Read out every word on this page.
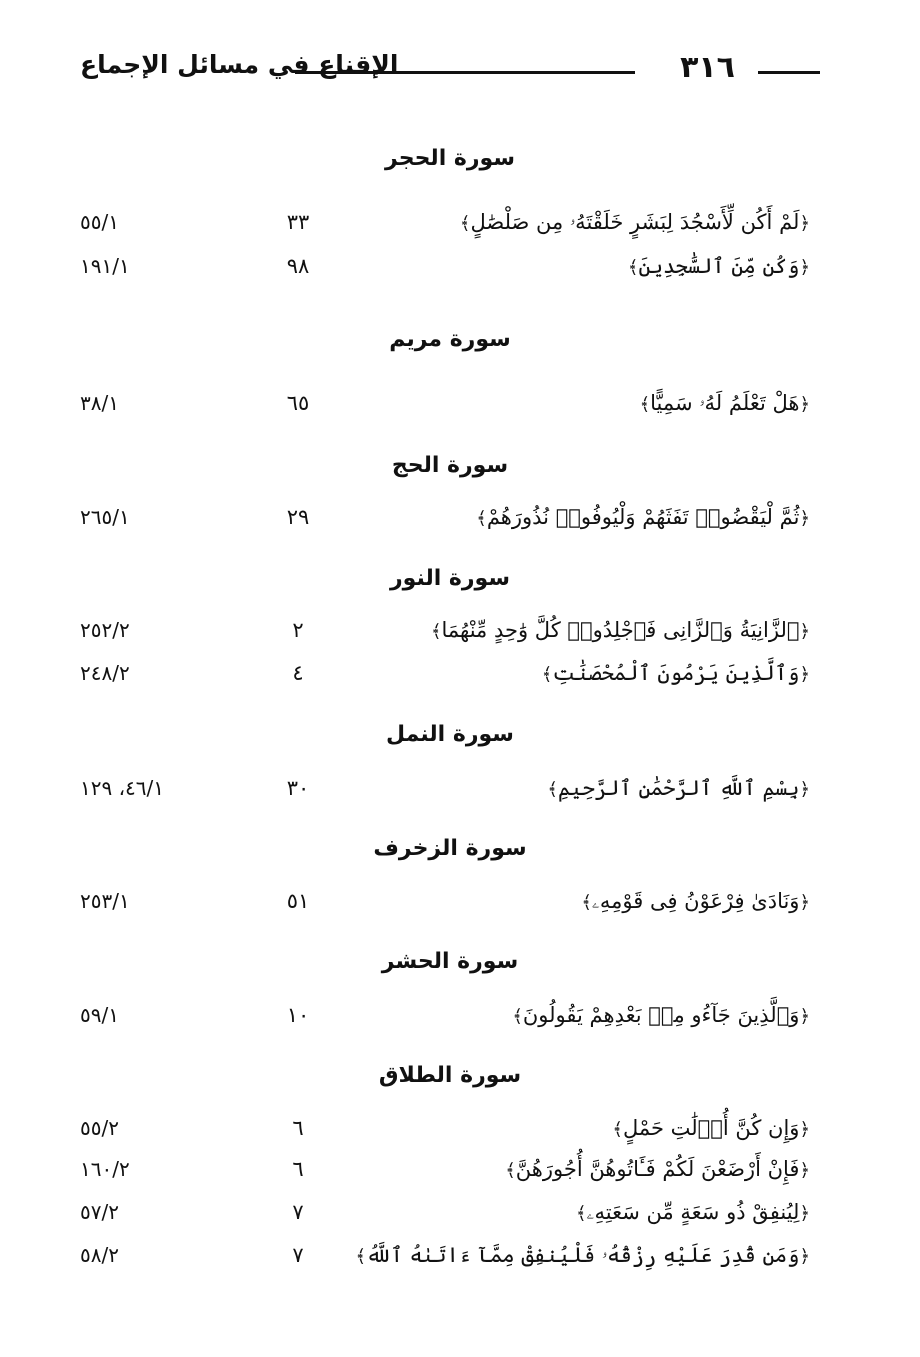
٣١٦
الإقناع في مسائل الإجماع
سورة الحجر
﴿لَمْ أَكُن لِّأَسْجُدَ لِبَشَرٍ خَلَقْتَهُۥ مِن صَلْصَٰلٍ﴾
٣٣
٥٥/١
﴿وَكُن مِّنَ ٱلسَّٰجِدِينَ﴾
٩٨
١٩١/١
سورة مريم
﴿هَلْ تَعْلَمُ لَهُۥ سَمِيًّا﴾
٦٥
٣٨/١
سورة الحج
﴿ثُمَّ لْيَقْضُوا۟ تَفَثَهُمْ وَلْيُوفُوا۟ نُذُورَهُمْ﴾
٢٩
٢٦٥/١
سورة النور
﴿ٱلزَّانِيَةُ وَٱلزَّانِى فَٱجْلِدُوا۟ كُلَّ وَٰحِدٍ مِّنْهُمَا﴾
٢
٢٥٢/٢
﴿وَٱلَّذِينَ يَرْمُونَ ٱلْمُحْصَنَٰتِ﴾
٤
٢٤٨/٢
سورة النمل
﴿بِسْمِ ٱللَّهِ ٱلرَّحْمَٰنِ ٱلرَّحِيمِ﴾
٣٠
٤٦/١، ١٢٩
سورة الزخرف
﴿وَنَادَىٰ فِرْعَوْنُ فِى قَوْمِهِۦ﴾
٥١
٢٥٣/١
سورة الحشر
﴿وَٱلَّذِينَ جَآءُو مِنۢ بَعْدِهِمْ يَقُولُونَ﴾
١٠
٥٩/١
سورة الطلاق
﴿وَإِن كُنَّ أُو۟لَٰتِ حَمْلٍ﴾
٦
٥٥/٢
﴿فَإِنْ أَرْضَعْنَ لَكُمْ فَـَٔاتُوهُنَّ أُجُورَهُنَّ﴾
٦
١٦٠/٢
﴿لِيُنفِقْ ذُو سَعَةٍ مِّن سَعَتِهِۦ﴾
٧
٥٧/٢
﴿وَمَن قُدِرَ عَلَيْهِ رِزْقُهُۥ فَلْيُنفِقْ مِمَّآ ءَاتَىٰهُ ٱللَّهُ﴾
٧
٥٨/٢
